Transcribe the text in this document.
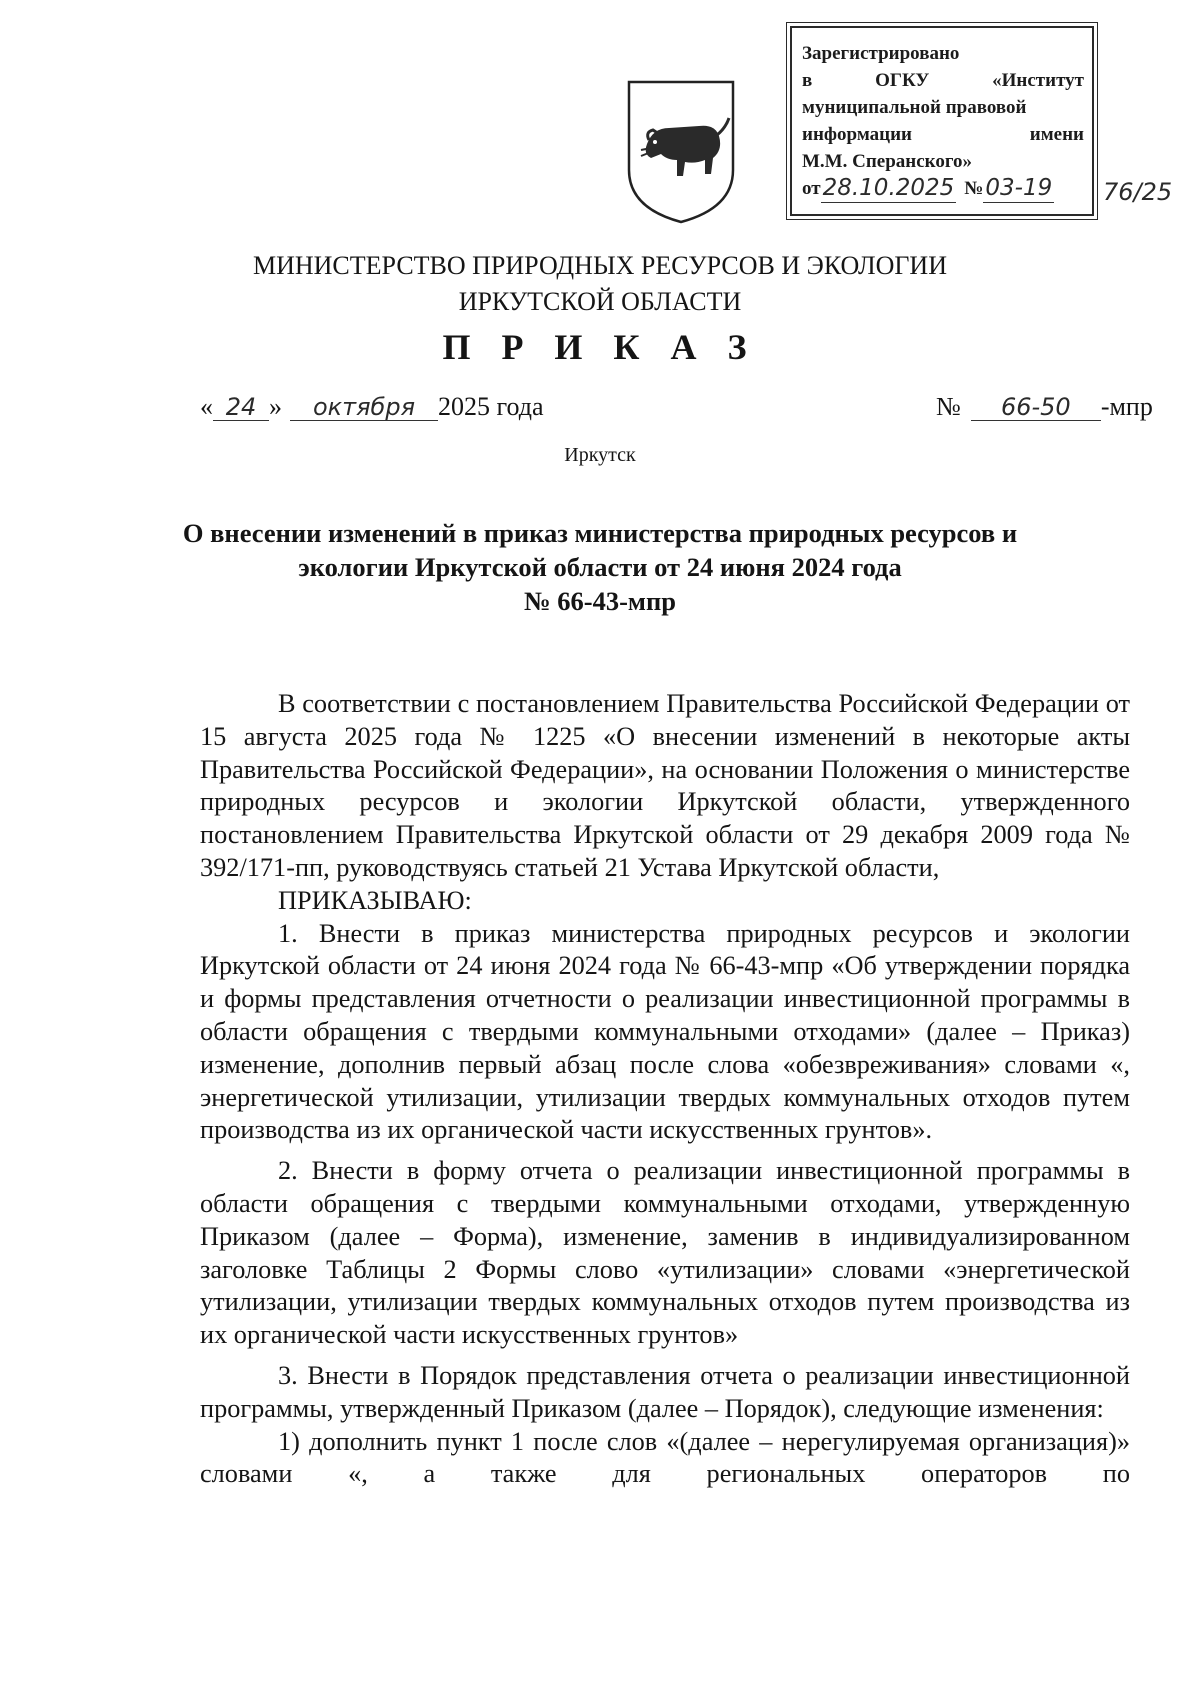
Зарегистрировано
в	ОГКУ	«Институт
муниципальной правовой
информации	имени
М.М. Сперанского»
от 28.10.2025 № 03-19 76/25
МИНИСТЕРСТВО ПРИРОДНЫХ РЕСУРСОВ И ЭКОЛОГИИ
ИРКУТСКОЙ ОБЛАСТИ
П Р И К А З
« 24 » октября 2025 года	№ 66-50 -мпр
Иркутск
О внесении изменений в приказ министерства природных ресурсов и
экологии Иркутской области от 24 июня 2024 года
№ 66-43-мпр

В соответствии с постановлением Правительства Российской Федерации от 15 августа 2025 года № 1225 «О внесении изменений в некоторые акты Правительства Российской Федерации», на основании Положения о министерстве природных ресурсов и экологии Иркутской области, утвержденного постановлением Правительства Иркутской области от 29 декабря 2009 года № 392/171-пп, руководствуясь статьей 21 Устава Иркутской области,

ПРИКАЗЫВАЮ:

1. Внести в приказ министерства природных ресурсов и экологии Иркутской области от 24 июня 2024 года № 66-43-мпр «Об утверждении порядка и формы представления отчетности о реализации инвестиционной программы в области обращения с твердыми коммунальными отходами» (далее – Приказ) изменение, дополнив первый абзац после слова «обезвреживания» словами «, энергетической утилизации, утилизации твердых коммунальных отходов путем производства из их органической части искусственных грунтов».

2. Внести в форму отчета о реализации инвестиционной программы в области обращения с твердыми коммунальными отходами, утвержденную Приказом (далее – Форма), изменение, заменив в индивидуализированном заголовке Таблицы 2 Формы слово «утилизации» словами «энергетической утилизации, утилизации твердых коммунальных отходов путем производства из их органической части искусственных грунтов»

3. Внести в Порядок представления отчета о реализации инвестиционной программы, утвержденный Приказом (далее – Порядок), следующие изменения:

1) дополнить пункт 1 после слов «(далее – нерегулируемая организация)» словами «, а также для региональных операторов по
